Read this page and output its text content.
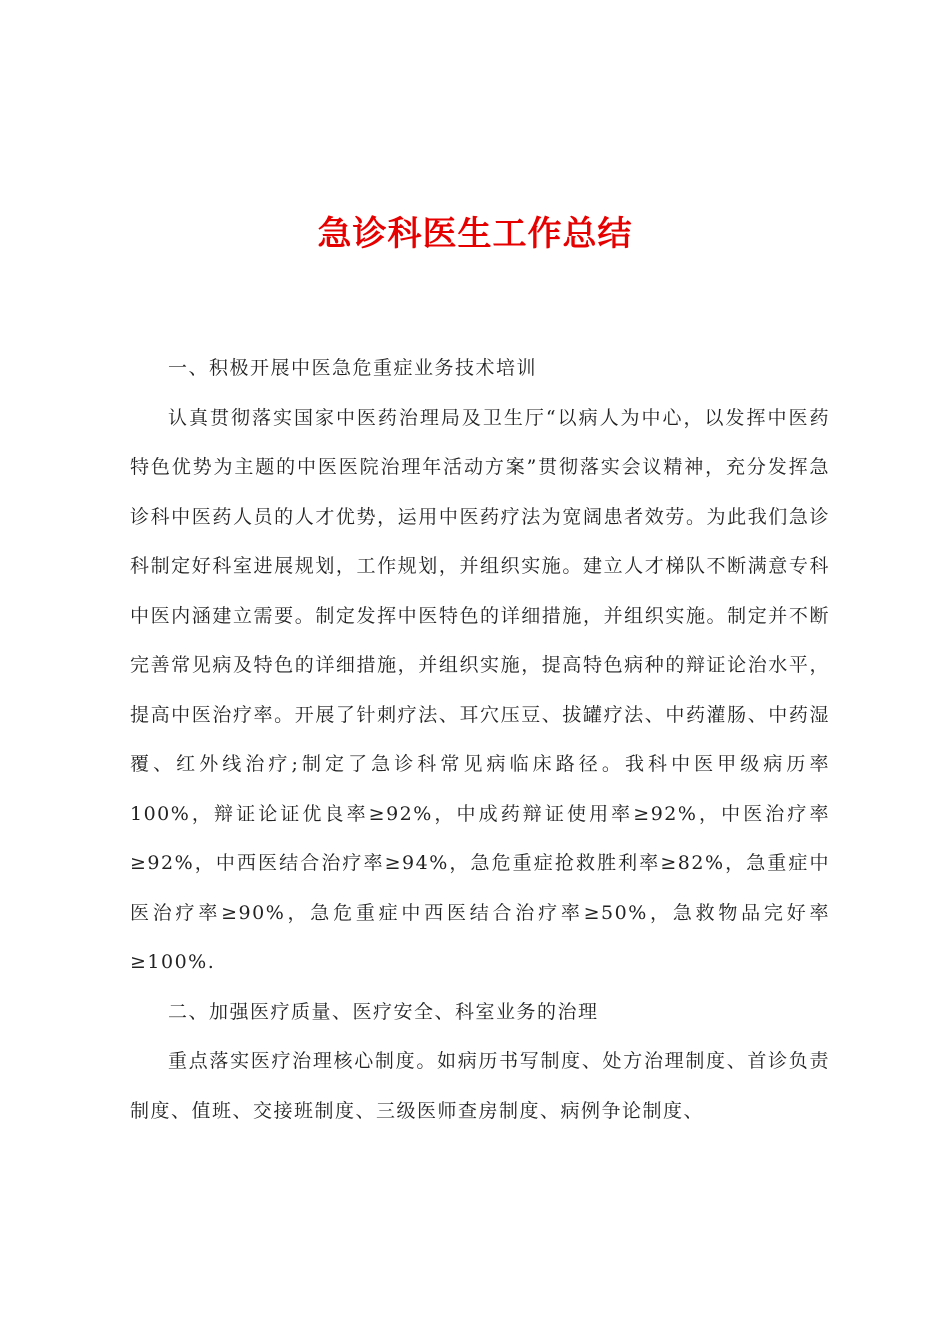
急诊科医生工作总结

一、积极开展中医急危重症业务技术培训

认真贯彻落实国家中医药治理局及卫生厅“以病人为中心，以发挥中医药特色优势为主题的中医医院治理年活动方案”贯彻落实会议精神，充分发挥急诊科中医药人员的人才优势，运用中医药疗法为宽阔患者效劳。为此我们急诊科制定好科室进展规划，工作规划，并组织实施。建立人才梯队不断满意专科中医内涵建立需要。制定发挥中医特色的详细措施，并组织实施。制定并不断完善常见病及特色的详细措施，并组织实施，提高特色病种的辩证论治水平，提高中医治疗率。开展了针刺疗法、耳穴压豆、拔罐疗法、中药灌肠、中药湿覆、红外线治疗;制定了急诊科常见病临床路径。我科中医甲级病历率100%，辩证论证优良率≥92%，中成药辩证使用率≥92%，中医治疗率≥92%，中西医结合治疗率≥94%，急危重症抢救胜利率≥82%，急重症中医治疗率≥90%，急危重症中西医结合治疗率≥50%，急救物品完好率≥100%.

二、加强医疗质量、医疗安全、科室业务的治理

重点落实医疗治理核心制度。如病历书写制度、处方治理制度、首诊负责制度、值班、交接班制度、三级医师查房制度、病例争论制度、
